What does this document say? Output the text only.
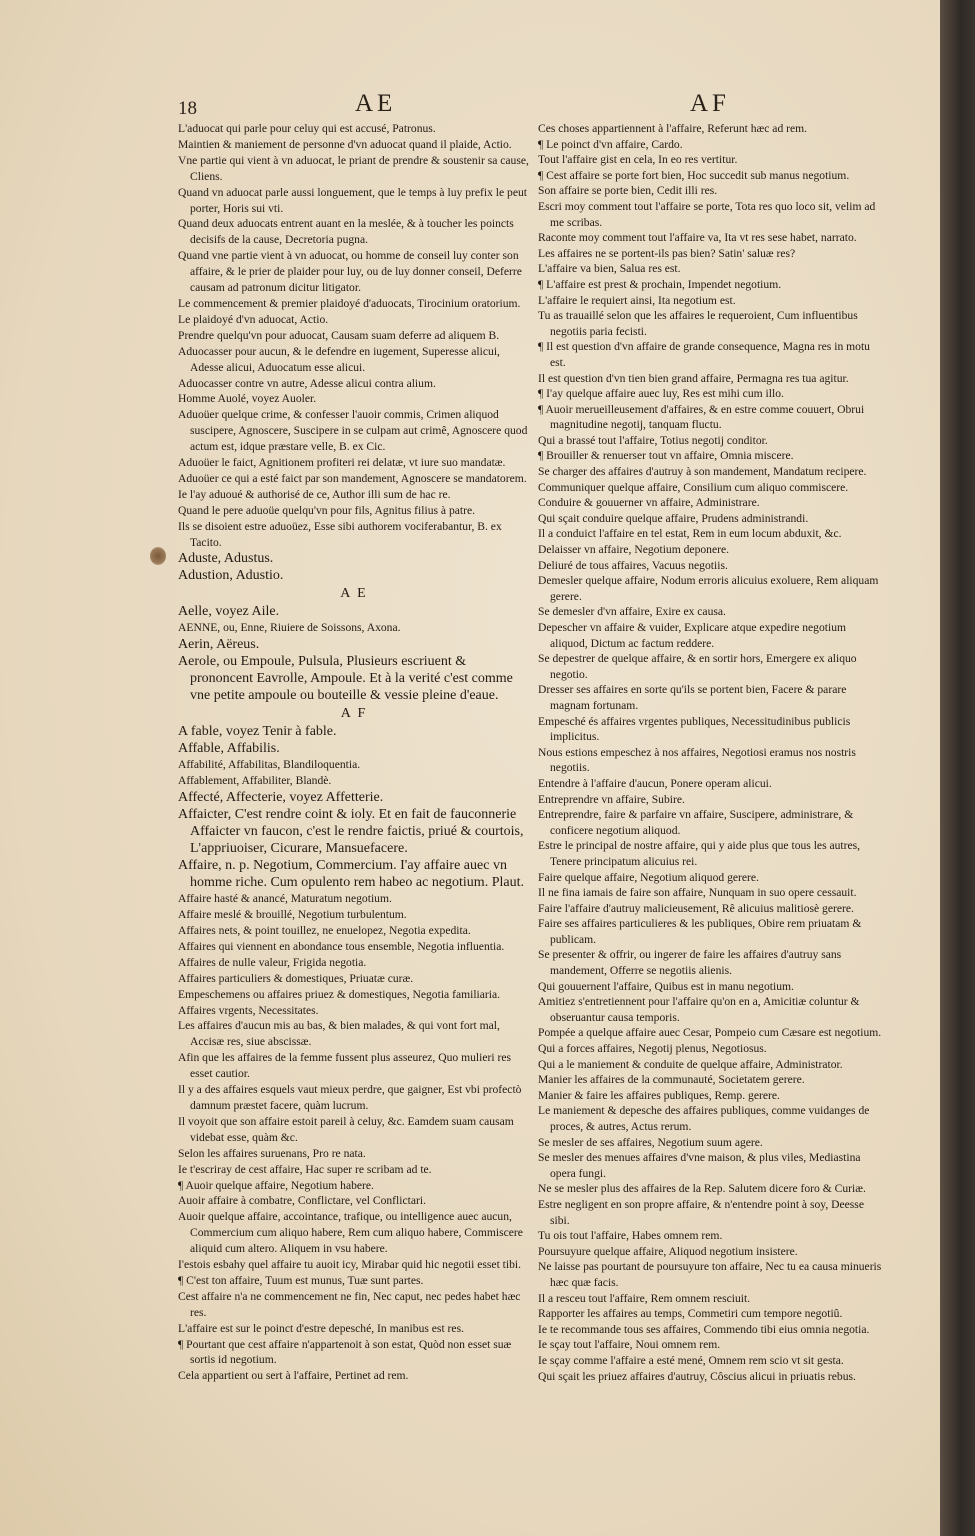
18	AE	AF

L'aduocat qui parle pour celuy qui est accusé, Patronus.

Maintien & maniement de personne d'vn aduocat quand il plaide, Actio.

Vne partie qui vient à vn aduocat, le priant de prendre & soustenir sa cause, Cliens.

Quand vn aduocat parle aussi longuement, que le temps à luy prefix le peut porter, Horis sui vti.

Quand deux aduocats entrent auant en la meslée, & à toucher les poincts decisifs de la cause, Decretoria pugna.

Quand vne partie vient à vn aduocat, ou homme de conseil luy conter son affaire, & le prier de plaider pour luy, ou de luy donner conseil, Deferre causam ad patronum dicitur litigator.

Le commencement & premier plaidoyé d'aduocats, Tirocinium oratorium.

Le plaidoyé d'vn aduocat, Actio.

Prendre quelqu'vn pour aduocat, Causam suam deferre ad aliquem B.

Aduocasser pour aucun, & le defendre en iugement, Superesse alicui, Adesse alicui, Aduocatum esse alicui.

Aduocasser contre vn autre, Adesse alicui contra alium.

Homme Auolé, voyez Auoler.

Aduoüer quelque crime, & confesser l'auoir commis, Crimen aliquod suscipere, Agnoscere, Suscipere in se culpam aut crimê, Agnoscere quod actum est, idque præstare velle, B. ex Cic.

Aduoüer le faict, Agnitionem profiteri rei delatæ, vt iure suo mandatæ.

Aduoüer ce qui a esté faict par son mandement, Agnoscere se mandatorem.

Ie l'ay aduoué & authorisé de ce, Author illi sum de hac re.

Quand le pere aduoüe quelqu'vn pour fils, Agnitus filius à patre.

Ils se disoient estre aduoüez, Esse sibi authorem vociferabantur, B. ex Tacito.

Aduste, Adustus.

Adustion, Adustio.

A E

Aelle, voyez Aile.

AENNE, ou, Enne, Riuiere de Soissons, Axona.

Aerin, Aëreus.

Aerole, ou Empoule, Pulsula, Plusieurs escriuent & prononcent Eavrolle, Ampoule. Et à la verité c'est comme vne petite ampoule ou bouteille & vessie pleine d'eaue.

A F

A fable, voyez Tenir à fable.

Affable, Affabilis.

Affabilité, Affabilitas, Blandiloquentia.

Affablement, Affabiliter, Blandè.

Affecté, Affecterie, voyez Affetterie.

Affaicter, C'est rendre coint & ioly. Et en fait de fauconnerie Affaicter vn faucon, c'est le rendre faictis, priué & courtois, L'appriuoiser, Cicurare, Mansuefacere.

Affaire, n. p. Negotium, Commercium. I'ay affaire auec vn homme riche. Cum opulento rem habeo ac negotium. Plaut.

Affaire hasté & anancé, Maturatum negotium.

Affaire meslé & brouillé, Negotium turbulentum.

Affaires nets, & point touillez, ne enuelopez, Negotia expedita.

Affaires qui viennent en abondance tous ensemble, Negotia influentia.

Affaires de nulle valeur, Frigida negotia.

Affaires particuliers & domestiques, Priuatæ curæ.

Empeschemens ou affaires priuez & domestiques, Negotia familiaria.

Affaires vrgents, Necessitates.

Les affaires d'aucun mis au bas, & bien malades, & qui vont fort mal, Accisæ res, siue abscissæ.

Afin que les affaires de la femme fussent plus asseurez, Quo mulieri res esset cautior.

Il y a des affaires esquels vaut mieux perdre, que gaigner, Est vbi profectò damnum præstet facere, quàm lucrum.

Il voyoit que son affaire estoit pareil à celuy, &c. Eamdem suam causam videbat esse, quàm &c.

Selon les affaires suruenans, Pro re nata.

Ie t'escriray de cest affaire, Hac super re scribam ad te.

¶ Auoir quelque affaire, Negotium habere.

Auoir affaire à combatre, Conflictare, vel Conflictari.

Auoir quelque affaire, accointance, trafique, ou intelligence auec aucun, Commercium cum aliquo habere, Rem cum aliquo habere, Commiscere aliquid cum altero. Aliquem in vsu habere.

I'estois esbahy quel affaire tu auoit icy, Mirabar quid hic negotii esset tibi.

¶ C'est ton affaire, Tuum est munus, Tuæ sunt partes.

Cest affaire n'a ne commencement ne fin, Nec caput, nec pedes habet hæc res.

L'affaire est sur le poinct d'estre depesché, In manibus est res.

¶ Pourtant que cest affaire n'appartenoit à son estat, Quòd non esset suæ sortis id negotium.

Cela appartient ou sert à l'affaire, Pertinet ad rem.

Ces choses appartiennent à l'affaire, Referunt hæc ad rem.

¶ Le poinct d'vn affaire, Cardo.

Tout l'affaire gist en cela, In eo res vertitur.

¶ Cest affaire se porte fort bien, Hoc succedit sub manus negotium.

Son affaire se porte bien, Cedit illi res.

Escri moy comment tout l'affaire se porte, Tota res quo loco sit, velim ad me scribas.

Raconte moy comment tout l'affaire va, Ita vt res sese habet, narrato.

Les affaires ne se portent-ils pas bien? Satin' saluæ res?

L'affaire va bien, Salua res est.

¶ L'affaire est prest & prochain, Impendet negotium.

L'affaire le requiert ainsi, Ita negotium est.

Tu as trauaillé selon que les affaires le requeroient, Cum influentibus negotiis paria fecisti.

¶ Il est question d'vn affaire de grande consequence, Magna res in motu est.

Il est question d'vn tien bien grand affaire, Permagna res tua agitur.

¶ I'ay quelque affaire auec luy, Res est mihi cum illo.

¶ Auoir merueilleusement d'affaires, & en estre comme couuert, Obrui magnitudine negotij, tanquam fluctu.

Qui a brassé tout l'affaire, Totius negotij conditor.

¶ Brouiller & renuerser tout vn affaire, Omnia miscere.

Se charger des affaires d'autruy à son mandement, Mandatum recipere.

Communiquer quelque affaire, Consilium cum aliquo commiscere.

Conduire & gouuerner vn affaire, Administrare.

Qui sçait conduire quelque affaire, Prudens administrandi.

Il a conduict l'affaire en tel estat, Rem in eum locum abduxit, &c.

Delaisser vn affaire, Negotium deponere.

Deliuré de tous affaires, Vacuus negotiis.

Demesler quelque affaire, Nodum erroris alicuius exoluere, Rem aliquam gerere.

Se demesler d'vn affaire, Exire ex causa.

Depescher vn affaire & vuider, Explicare atque expedire negotium aliquod, Dictum ac factum reddere.

Se depestrer de quelque affaire, & en sortir hors, Emergere ex aliquo negotio.

Dresser ses affaires en sorte qu'ils se portent bien, Facere & parare magnam fortunam.

Empesché és affaires vrgentes publiques, Necessitudinibus publicis implicitus.

Nous estions empeschez à nos affaires, Negotiosi eramus nos nostris negotiis.

Entendre à l'affaire d'aucun, Ponere operam alicui.

Entreprendre vn affaire, Subire.

Entreprendre, faire & parfaire vn affaire, Suscipere, administrare, & conficere negotium aliquod.

Estre le principal de nostre affaire, qui y aide plus que tous les autres, Tenere principatum alicuius rei.

Faire quelque affaire, Negotium aliquod gerere.

Il ne fina iamais de faire son affaire, Nunquam in suo opere cessauit.

Faire l'affaire d'autruy malicieusement, Rê alicuius malitiosè gerere.

Faire ses affaires particulieres & les publiques, Obire rem priuatam & publicam.

Se presenter & offrir, ou ingerer de faire les affaires d'autruy sans mandement, Offerre se negotiis alienis.

Qui gouuernent l'affaire, Quibus est in manu negotium.

Amitiez s'entretiennent pour l'affaire qu'on en a, Amicitiæ coluntur & obseruantur causa temporis.

Pompée a quelque affaire auec Cesar, Pompeio cum Cæsare est negotium.

Qui a forces affaires, Negotij plenus, Negotiosus.

Qui a le maniement & conduite de quelque affaire, Administrator.

Manier les affaires de la communauté, Societatem gerere.

Manier & faire les affaires publiques, Remp. gerere.

Le maniement & depesche des affaires publiques, comme vuidanges de proces, & autres, Actus rerum.

Se mesler de ses affaires, Negotium suum agere.

Se mesler des menues affaires d'vne maison, & plus viles, Mediastina opera fungi.

Ne se mesler plus des affaires de la Rep. Salutem dicere foro & Curiæ.

Estre negligent en son propre affaire, & n'entendre point à soy, Deesse sibi.

Tu ois tout l'affaire, Habes omnem rem.

Poursuyure quelque affaire, Aliquod negotium insistere.

Ne laisse pas pourtant de poursuyure ton affaire, Nec tu ea causa minueris hæc quæ facis.

Il a resceu tout l'affaire, Rem omnem resciuit.

Rapporter les affaires au temps, Commetiri cum tempore negotiû.

Ie te recommande tous ses affaires, Commendo tibi eius omnia negotia.

Ie sçay tout l'affaire, Noui omnem rem.

Ie sçay comme l'affaire a esté mené, Omnem rem scio vt sit gesta.

Qui sçait les priuez affaires d'autruy, Côscius alicui in priuatis rebus.
